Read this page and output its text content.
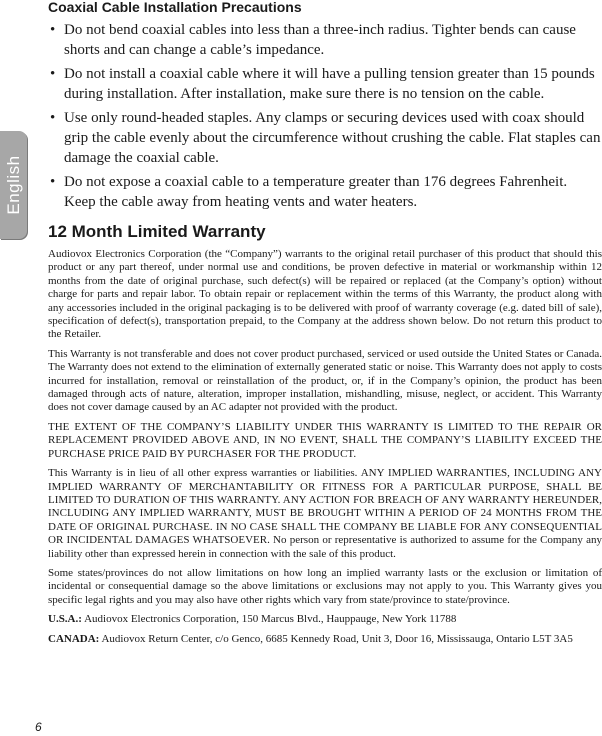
English
Coaxial Cable Installation Precautions
• Do not bend coaxial cables into less than a three-inch radius. Tighter bends can cause shorts and can change a cable’s impedance.
• Do not install a coaxial cable where it will have a pulling tension greater than 15 pounds during installation. After installation, make sure there is no tension on the cable.
• Use only round-headed staples. Any clamps or securing devices used with coax should grip the cable evenly about the circumference without crushing the cable. Flat staples can damage the coaxial cable.
• Do not expose a coaxial cable to a temperature greater than 176 degrees Fahrenheit. Keep the cable away from heating vents and water heaters.
12 Month Limited Warranty

Audiovox Electronics Corporation (the “Company”) warrants to the original retail purchaser of this product that should this product or any part thereof, under normal use and conditions, be proven defective in material or workmanship within 12 months from the date of original purchase, such defect(s) will be repaired or replaced (at the Company’s option) without charge for parts and repair labor. To obtain repair or replacement within the terms of this Warranty, the product along with any accessories included in the original packaging is to be delivered with proof of warranty coverage (e.g. dated bill of sale), specification of defect(s), transportation prepaid, to the Company at the address shown below. Do not return this product to the Retailer.

This Warranty is not transferable and does not cover product purchased, serviced or used outside the United States or Canada. The Warranty does not extend to the elimination of externally generated static or noise. This Warranty does not apply to costs incurred for installation, removal or reinstallation of the product, or, if in the Company’s opinion, the product has been damaged through acts of nature, alteration, improper installation, mishandling, misuse, neglect, or accident. This Warranty does not cover damage caused by an AC adapter not provided with the product.

THE EXTENT OF THE COMPANY’S LIABILITY UNDER THIS WARRANTY IS LIMITED TO THE REPAIR OR REPLACEMENT PROVIDED ABOVE AND, IN NO EVENT, SHALL THE COMPANY’S LIABILITY EXCEED THE PURCHASE PRICE PAID BY PURCHASER FOR THE PRODUCT.

This Warranty is in lieu of all other express warranties or liabilities. ANY IMPLIED WARRANTIES, INCLUDING ANY IMPLIED WARRANTY OF MERCHANTABILITY OR FITNESS FOR A PARTICULAR PURPOSE, SHALL BE LIMITED TO DURATION OF THIS WARRANTY. ANY ACTION FOR BREACH OF ANY WARRANTY HEREUNDER, INCLUDING ANY IMPLIED WARRANTY, MUST BE BROUGHT WITHIN A PERIOD OF 24 MONTHS FROM THE DATE OF ORIGINAL PURCHASE. IN NO CASE SHALL THE COMPANY BE LIABLE FOR ANY CONSEQUENTIAL OR INCIDENTAL DAMAGES WHATSOEVER. No person or representative is authorized to assume for the Company any liability other than expressed herein in connection with the sale of this product.

Some states/provinces do not allow limitations on how long an implied warranty lasts or the exclusion or limitation of incidental or consequential damage so the above limitations or exclusions may not apply to you. This Warranty gives you specific legal rights and you may also have other rights which vary from state/province to state/province.

U.S.A.: Audiovox Electronics Corporation, 150 Marcus Blvd., Hauppauge, New York 11788

CANADA: Audiovox Return Center, c/o Genco, 6685 Kennedy Road, Unit 3, Door 16, Mississauga, Ontario L5T 3A5

6
